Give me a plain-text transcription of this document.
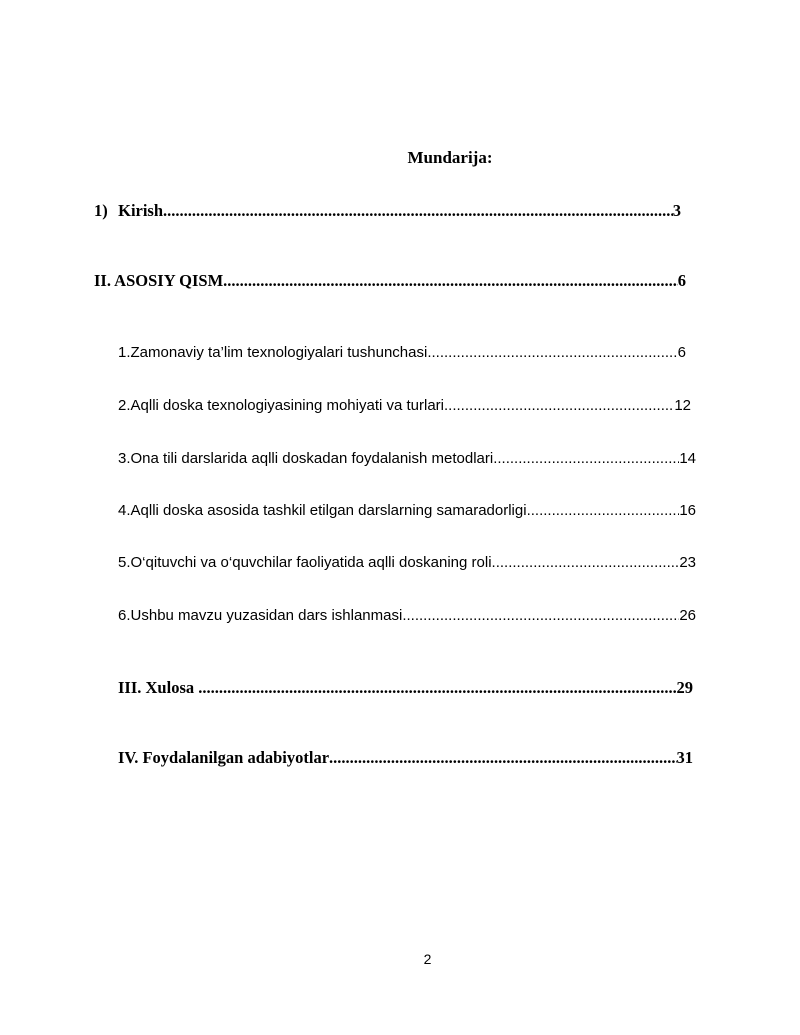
Mundarija:
1) Kirish .....	3
II. ASOSIY QISM .....	6
1. Zamonaviy ta’lim texnologiyalari tushunchasi .....	6
2. Aqlli doska texnologiyasining mohiyati va turlari .....	12
3. Ona tili darslarida aqlli doskadan foydalanish metodlari .....	14
4. Aqlli doska asosida tashkil etilgan darslarning samaradorligi .....	16
5. O‘qituvchi va o‘quvchilar faoliyatida aqlli doskaning roli .....	23
6. Ushbu mavzu yuzasidan dars ishlanmasi .....	26
III. Xulosa .....	29
IV. Foydalanilgan adabiyotlar .....	31
2
